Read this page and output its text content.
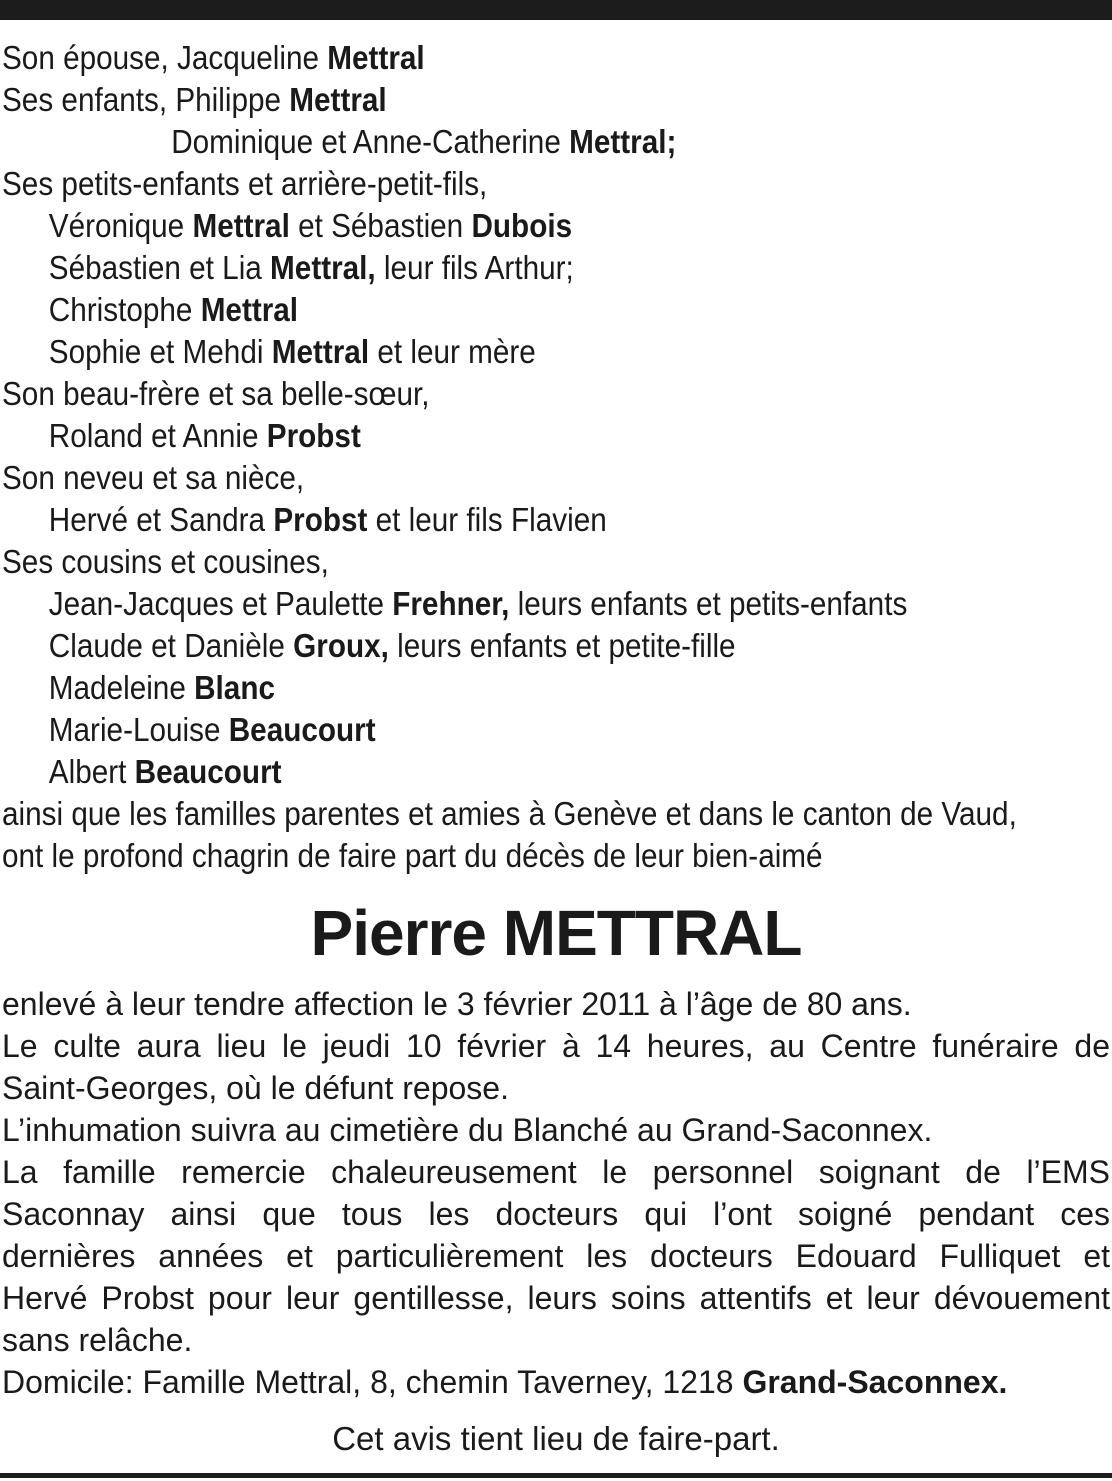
Son épouse, Jacqueline Mettral
Ses enfants, Philippe Mettral
Dominique et Anne-Catherine Mettral;
Ses petits-enfants et arrière-petit-fils,
Véronique Mettral et Sébastien Dubois
Sébastien et Lia Mettral, leur fils Arthur;
Christophe Mettral
Sophie et Mehdi Mettral et leur mère
Son beau-frère et sa belle-sœur,
Roland et Annie Probst
Son neveu et sa nièce,
Hervé et Sandra Probst et leur fils Flavien
Ses cousins et cousines,
Jean-Jacques et Paulette Frehner, leurs enfants et petits-enfants
Claude et Danièle Groux, leurs enfants et petite-fille
Madeleine Blanc
Marie-Louise Beaucourt
Albert Beaucourt
ainsi que les familles parentes et amies à Genève et dans le canton de Vaud,
ont le profond chagrin de faire part du décès de leur bien-aimé
Pierre METTRAL
enlevé à leur tendre affection le 3 février 2011 à l’âge de 80 ans.
Le culte aura lieu le jeudi 10 février à 14 heures, au Centre funéraire de
Saint-Georges, où le défunt repose.
L’inhumation suivra au cimetière du Blanché au Grand-Saconnex.
La famille remercie chaleureusement le personnel soignant de l’EMS
Saconnay ainsi que tous les docteurs qui l’ont soigné pendant ces
dernières années et particulièrement les docteurs Edouard Fulliquet et
Hervé Probst pour leur gentillesse, leurs soins attentifs et leur dévouement
sans relâche.
Domicile: Famille Mettral, 8, chemin Taverney, 1218 Grand-Saconnex.
Cet avis tient lieu de faire-part.
